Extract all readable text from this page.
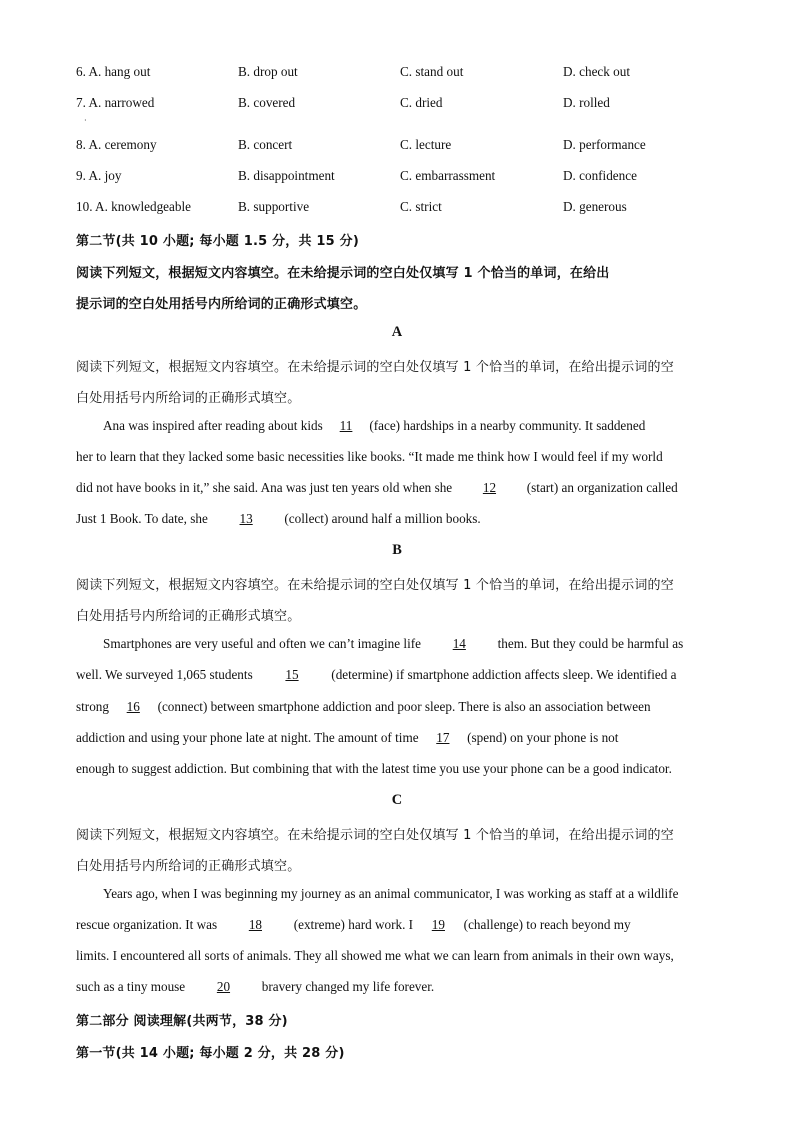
6. A. hang out	B. drop out	C. stand out	D. check out
7. A. narrowed	B. covered	C. dried	D. rolled
·
8. A. ceremony	B. concert	C. lecture	D. performance
9. A. joy	B. disappointment	C. embarrassment	D. confidence
10. A. knowledgeable	B. supportive	C. strict	D. generous
第二节(共 10 小题; 每小题 1.5 分，共 15 分)
阅读下列短文，根据短文内容填空。在未给提示词的空白处仅填写 1 个恰当的单词，在给出
提示词的空白处用括号内所给词的正确形式填空。
A
阅读下列短文，根据短文内容填空。在未给提示词的空白处仅填写 1 个恰当的单词，在给出提示词的空
白处用括号内所给词的正确形式填空。
Ana was inspired after reading about kids 11 (face) hardships in a nearby community. It saddened
her to learn that they lacked some basic necessities like books. “It made me think how I would feel if my world
did not have books in it,” she said. Ana was just ten years old when she 12 (start) an organization called
Just 1 Book. To date, she 13 (collect) around half a million books.
B
阅读下列短文，根据短文内容填空。在未给提示词的空白处仅填写 1 个恰当的单词，在给出提示词的空
白处用括号内所给词的正确形式填空。
Smartphones are very useful and often we can’t imagine life 14 them. But they could be harmful as
well. We surveyed 1,065 students 15 (determine) if smartphone addiction affects sleep. We identified a
strong 16 (connect) between smartphone addiction and poor sleep. There is also an association between
addiction and using your phone late at night. The amount of time 17 (spend) on your phone is not
enough to suggest addiction. But combining that with the latest time you use your phone can be a good indicator.
C
阅读下列短文，根据短文内容填空。在未给提示词的空白处仅填写 1 个恰当的单词，在给出提示词的空
白处用括号内所给词的正确形式填空。
Years ago, when I was beginning my journey as an animal communicator, I was working as staff at a wildlife
rescue organization. It was 18 (extreme) hard work. I 19 (challenge) to reach beyond my
limits. I encountered all sorts of animals. They all showed me what we can learn from animals in their own ways,
such as a tiny mouse 20 bravery changed my life forever.
第二部分 阅读理解(共两节，38 分)
第一节(共 14 小题; 每小题 2 分，共 28 分)
